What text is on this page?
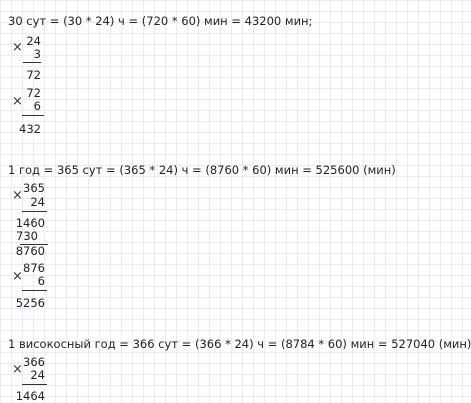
30 сут = (30 * 24) ч = (720 * 60) мин = 43200 мин;
× 24
3
72
×
72
6
432
1 год = 365 сут = (365 * 24) ч = (8760 * 60) мин = 525600 (мин)
× 365
24
1460
730
8760
×
876
6
5256
1 високосный год = 366 сут = (366 * 24) ч = (8784 * 60) мин = 527040 (мин)
× 366
24
1464
